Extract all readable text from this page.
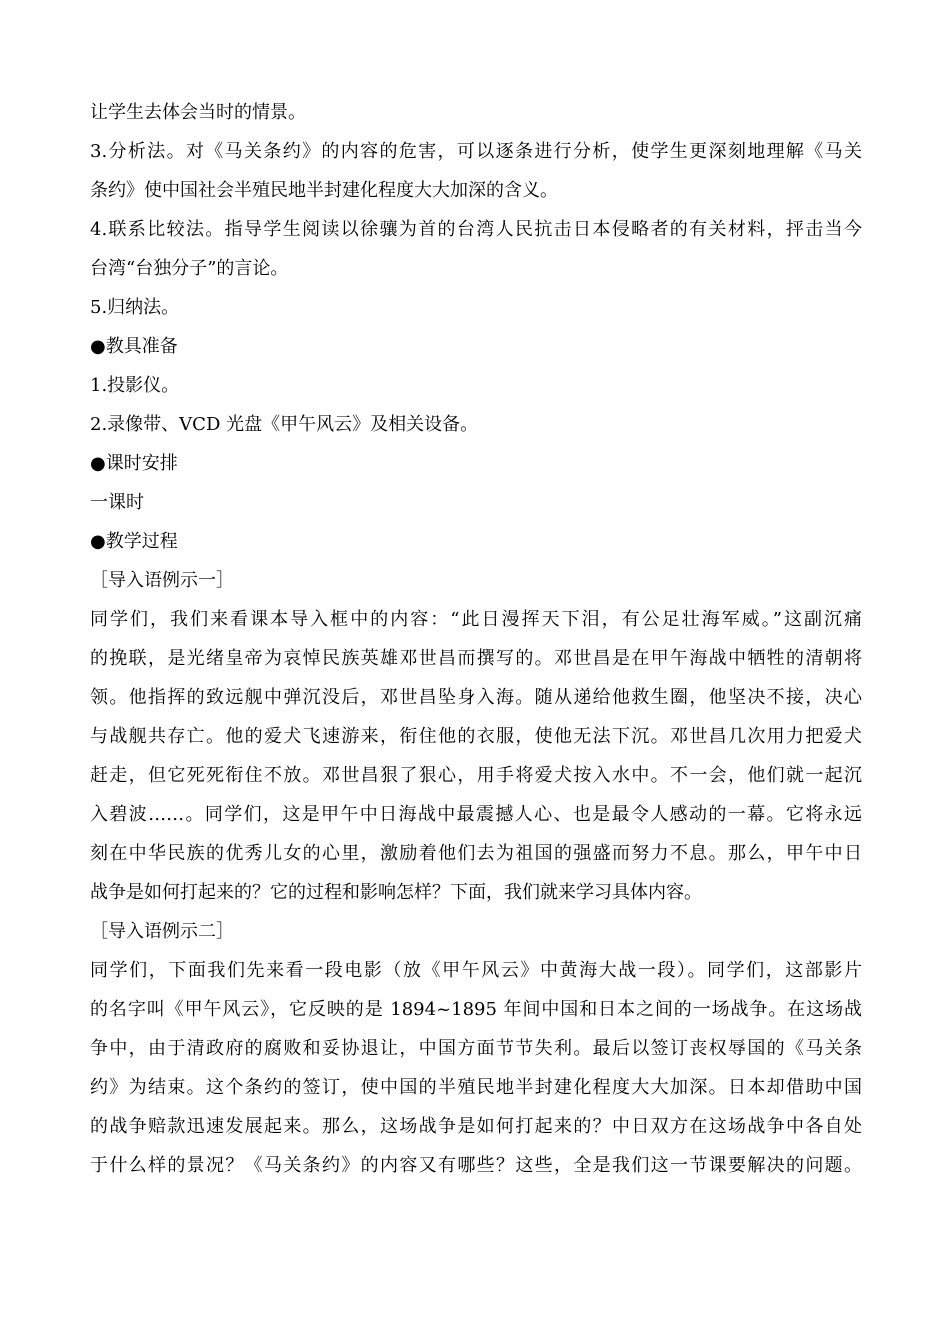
让学生去体会当时的情景。
3.分析法。对《马关条约》的内容的危害，可以逐条进行分析，使学生更深刻地理解《马关
条约》使中国社会半殖民地半封建化程度大大加深的含义。
4.联系比较法。指导学生阅读以徐骧为首的台湾人民抗击日本侵略者的有关材料，抨击当今
台湾“台独分子”的言论。
5.归纳法。
●教具准备
1.投影仪。
2.录像带、VCD 光盘《甲午风云》及相关设备。
●课时安排
一课时
●教学过程
［导入语例示一］
同学们，我们来看课本导入框中的内容：“此日漫挥天下泪，有公足壮海军威。”这副沉痛
的挽联，是光绪皇帝为哀悼民族英雄邓世昌而撰写的。邓世昌是在甲午海战中牺牲的清朝将
领。他指挥的致远舰中弹沉没后，邓世昌坠身入海。随从递给他救生圈，他坚决不接，决心
与战舰共存亡。他的爱犬飞速游来，衔住他的衣服，使他无法下沉。邓世昌几次用力把爱犬
赶走，但它死死衔住不放。邓世昌狠了狠心，用手将爱犬按入水中。不一会，他们就一起沉
入碧波……。同学们，这是甲午中日海战中最震撼人心、也是最令人感动的一幕。它将永远
刻在中华民族的优秀儿女的心里，激励着他们去为祖国的强盛而努力不息。那么，甲午中日
战争是如何打起来的？它的过程和影响怎样？下面，我们就来学习具体内容。
［导入语例示二］
同学们，下面我们先来看一段电影（放《甲午风云》中黄海大战一段）。同学们，这部影片
的名字叫《甲午风云》，它反映的是 1894~1895 年间中国和日本之间的一场战争。在这场战
争中，由于清政府的腐败和妥协退让，中国方面节节失利。最后以签订丧权辱国的《马关条
约》为结束。这个条约的签订，使中国的半殖民地半封建化程度大大加深。日本却借助中国
的战争赔款迅速发展起来。那么，这场战争是如何打起来的？中日双方在这场战争中各自处
于什么样的景况？《马关条约》的内容又有哪些？这些，全是我们这一节课要解决的问题。
